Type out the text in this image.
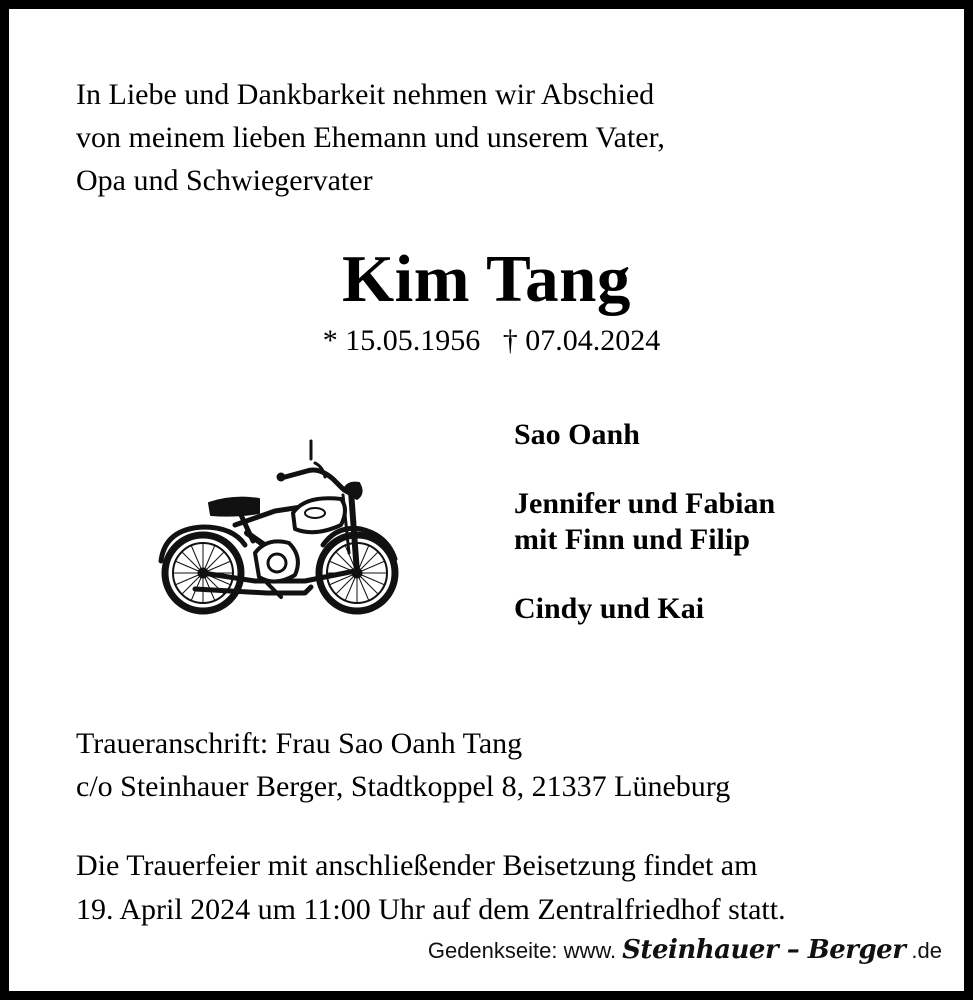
In Liebe und Dankbarkeit nehmen wir Abschied
von meinem lieben Ehemann und unserem Vater,
Opa und Schwiegervater
Kim Tang
* 15.05.1956 † 07.04.2024
Sao Oanh
Jennifer und Fabian
mit Finn und Filip
Cindy und Kai
Traueranschrift: Frau Sao Oanh Tang
c/o Steinhauer Berger, Stadtkoppel 8, 21337 Lüneburg
Die Trauerfeier mit anschließender Beisetzung findet am
19. April 2024 um 11:00 Uhr auf dem Zentralfriedhof statt.
Gedenkseite: www. Steinhauer – Berger .de
